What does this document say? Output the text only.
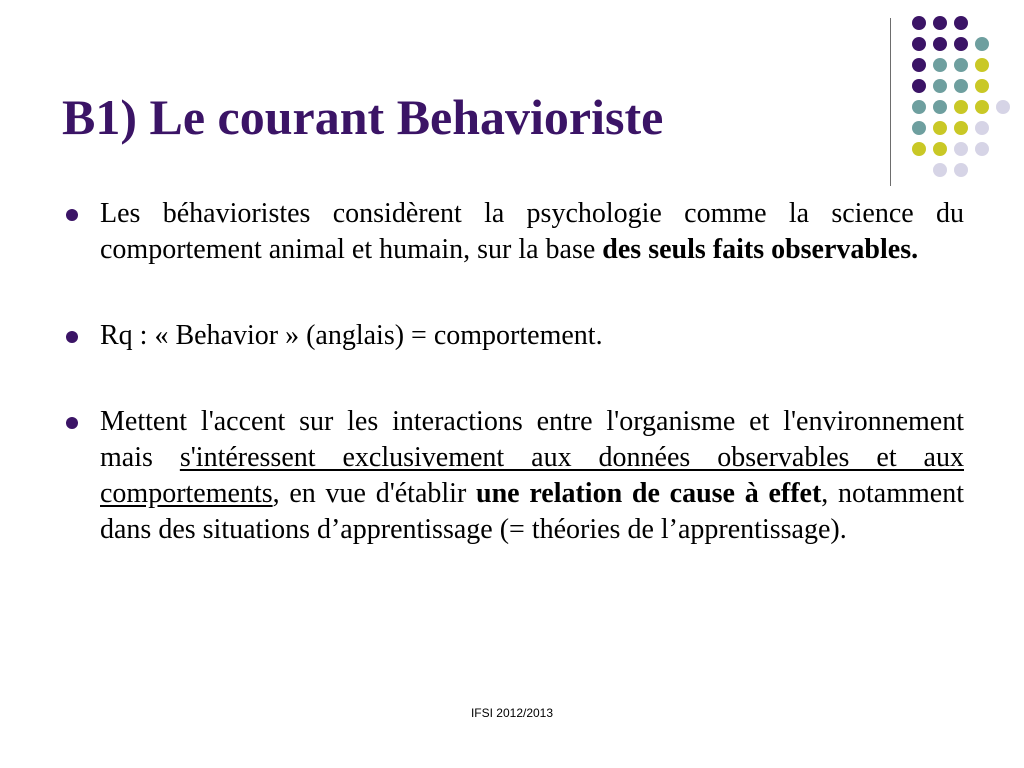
B1) Le courant Behavioriste
Les béhavioristes considèrent la psychologie comme la science du comportement animal et humain, sur la base des seuls faits observables.
Rq : « Behavior » (anglais) = comportement.
Mettent l'accent sur les interactions entre l'organisme et l'environnement mais s'intéressent exclusivement aux données observables et aux comportements, en vue d'établir une relation de cause à effet, notamment dans des situations d’apprentissage (= théories de l’apprentissage).
IFSI 2012/2013
